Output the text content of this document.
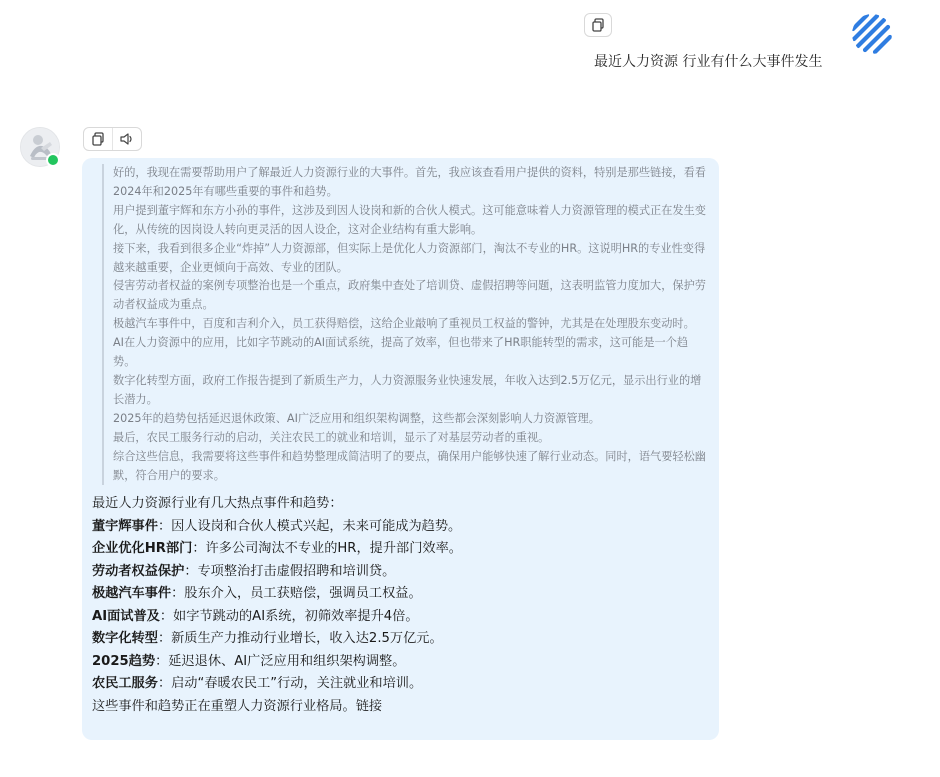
最近人力资源 行业有什么大事件发生

好的，我现在需要帮助用户了解最近人力资源行业的大事件。首先，我应该查看用户提供的资料，特别是那些链接，看看2024年和2025年有哪些重要的事件和趋势。

用户提到董宇辉和东方小孙的事件，这涉及到因人设岗和新的合伙人模式。这可能意味着人力资源管理的模式正在发生变化，从传统的因岗设人转向更灵活的因人设企，这对企业结构有重大影响。

接下来，我看到很多企业“炸掉”人力资源部，但实际上是优化人力资源部门，淘汰不专业的HR。这说明HR的专业性变得越来越重要，企业更倾向于高效、专业的团队。

侵害劳动者权益的案例专项整治也是一个重点，政府集中查处了培训贷、虚假招聘等问题，这表明监管力度加大，保护劳动者权益成为重点。

极越汽车事件中，百度和吉利介入，员工获得赔偿，这给企业敲响了重视员工权益的警钟，尤其是在处理股东变动时。

AI在人力资源中的应用，比如字节跳动的AI面试系统，提高了效率，但也带来了HR职能转型的需求，这可能是一个趋势。

数字化转型方面，政府工作报告提到了新质生产力，人力资源服务业快速发展，年收入达到2.5万亿元，显示出行业的增长潜力。

2025年的趋势包括延迟退休政策、AI广泛应用和组织架构调整，这些都会深刻影响人力资源管理。

最后，农民工服务行动的启动，关注农民工的就业和培训，显示了对基层劳动者的重视。

综合这些信息，我需要将这些事件和趋势整理成简洁明了的要点，确保用户能够快速了解行业动态。同时，语气要轻松幽默，符合用户的要求。

最近人力资源行业有几大热点事件和趋势：

董宇辉事件：因人设岗和合伙人模式兴起，未来可能成为趋势。

企业优化HR部门：许多公司淘汰不专业的HR，提升部门效率。

劳动者权益保护：专项整治打击虚假招聘和培训贷。

极越汽车事件：股东介入，员工获赔偿，强调员工权益。

AI面试普及：如字节跳动的AI系统，初筛效率提升4倍。

数字化转型：新质生产力推动行业增长，收入达2.5万亿元。

2025趋势：延迟退休、AI广泛应用和组织架构调整。

农民工服务：启动“春暖农民工”行动，关注就业和培训。

这些事件和趋势正在重塑人力资源行业格局。链接
